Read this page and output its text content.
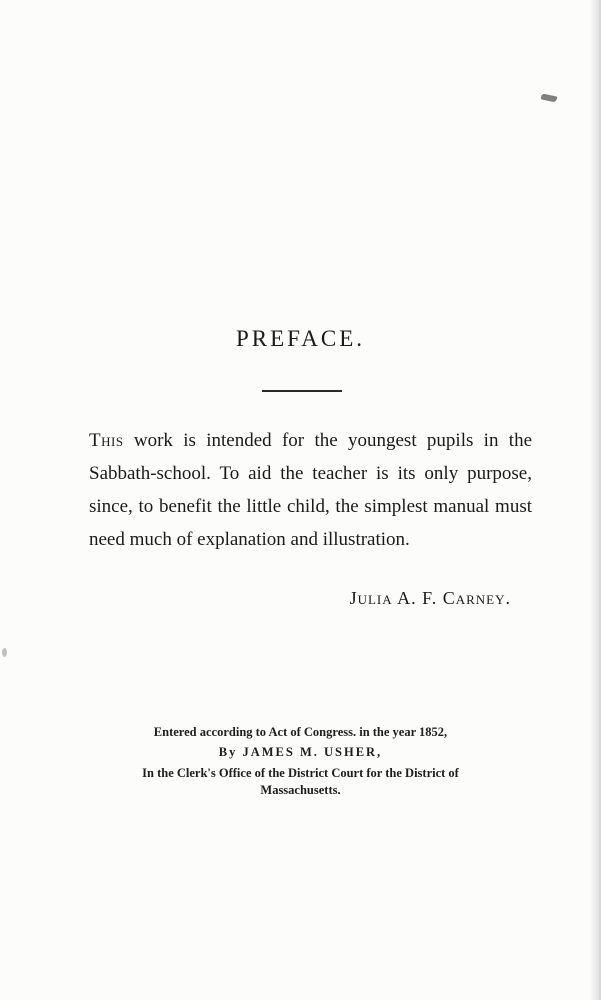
PREFACE.

This work is intended for the youngest pupils in the Sabbath-school. To aid the teacher is its only purpose, since, to benefit the little child, the simplest manual must need much of explanation and illustration.

Julia A. F. Carney.

Entered according to Act of Congress. in the year 1852,
By JAMES M. USHER,
In the Clerk's Office of the District Court for the District of Massachusetts.
